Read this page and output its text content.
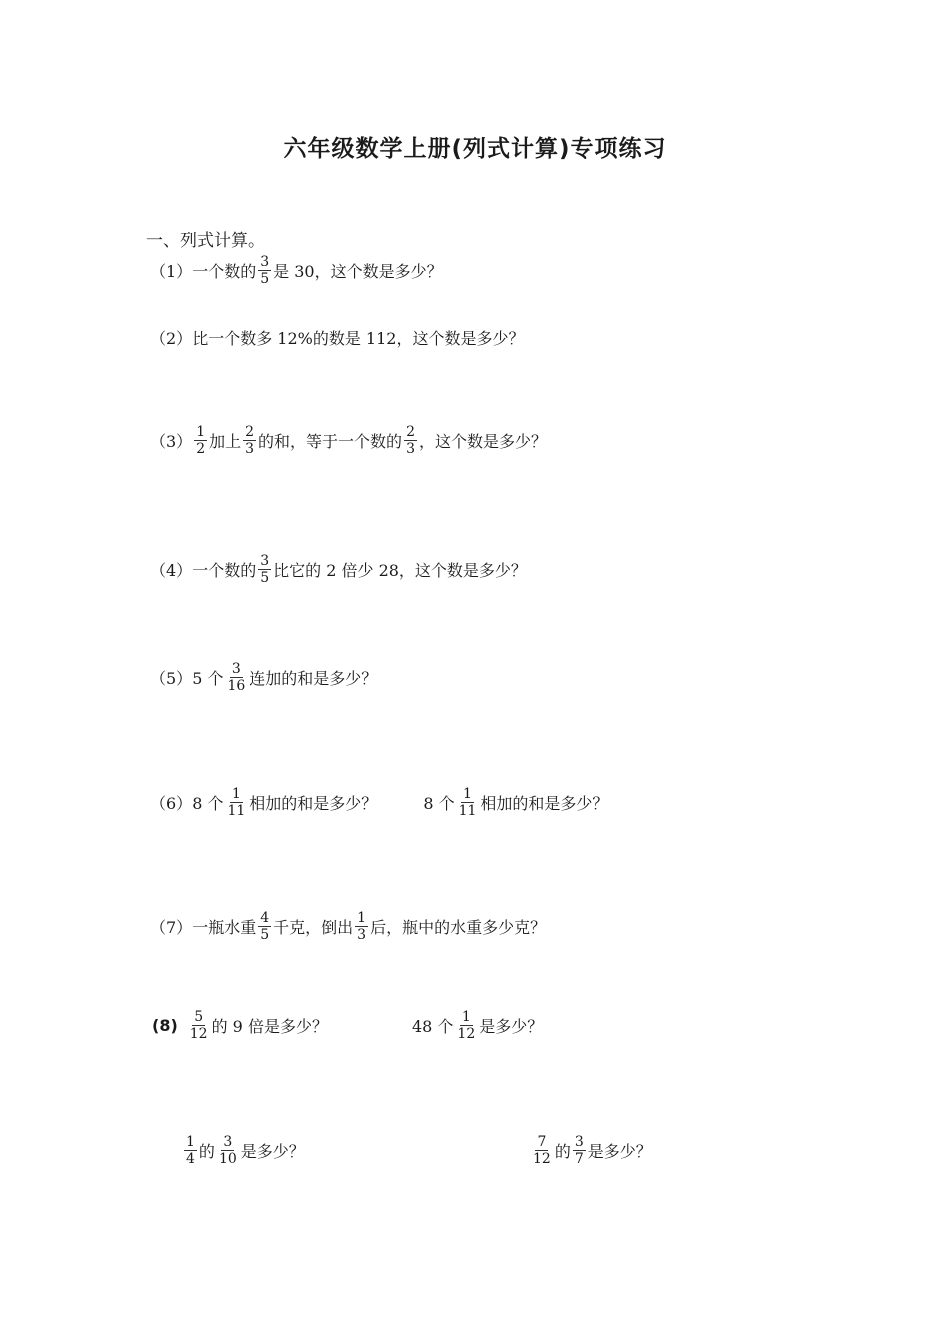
六年级数学上册(列式计算)专项练习
一、列式计算。
（1） 一个数的 $\frac{3}{5}$ 是 30，这个数是多少？
（2） 比一个数多 12%的数是 112，这个数是多少？
$(3) \frac{1}{2}$ 加上 $\frac{2}{3}$ 的和，等于一个数的 $\frac{2}{3}$ ，这个数是多少？
（4） 一个数的 $\frac{3}{5}$ 比它的 2 倍少 28，这个数是多少？
（5） 5 个 $\frac{3}{16}$ 连加的和是多少？
（6） 8 个 $\frac{1}{11}$ 相加的和是多少？	8 个 $\frac{1}{11}$ 相加的和是多少？
（7） 一瓶水重 $\frac{4}{5}$ 千克，倒出 $\frac{1}{3}$ 后，瓶中的水重多少克？
$(8) \frac{5}{12}$ 的 9 倍是多少？	48 个 $\frac{1}{12}$ 是多少？
$\frac{1}{4}$ 的 $\frac{3}{10}$ 是多少？	$\frac{7}{12}$ 的 $\frac{3}{7}$ 是多少？
